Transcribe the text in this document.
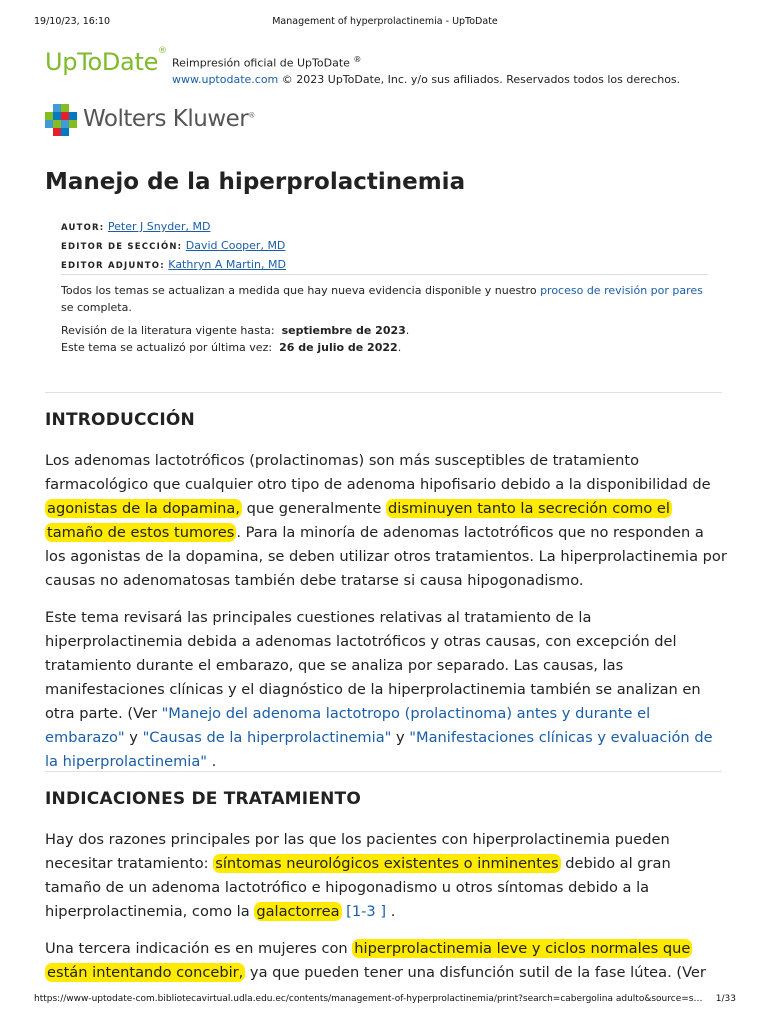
19/10/23, 16:10	Management of hyperprolactinemia - UpToDate
UpToDate®
Reimpresión oficial de UpToDate ®
www.uptodate.com © 2023 UpToDate, Inc. y/o sus afiliados. Reservados todos los derechos.
Wolters Kluwer®
Manejo de la hiperprolactinemia
AUTOR: Peter J Snyder, MD
EDITOR DE SECCIÓN: David Cooper, MD
EDITOR ADJUNTO: Kathryn A Martin, MD
Todos los temas se actualizan a medida que hay nueva evidencia disponible y nuestro proceso de revisión por pares se completa.
Revisión de la literatura vigente hasta: septiembre de 2023.
Este tema se actualizó por última vez: 26 de julio de 2022.
INTRODUCCIÓN
Los adenomas lactotróficos (prolactinomas) son más susceptibles de tratamiento farmacológico que cualquier otro tipo de adenoma hipofisario debido a la disponibilidad de agonistas de la dopamina, que generalmente disminuyen tanto la secreción como el tamaño de estos tumores . Para la minoría de adenomas lactotróficos que no responden a los agonistas de la dopamina, se deben utilizar otros tratamientos. La hiperprolactinemia por causas no adenomatosas también debe tratarse si causa hipogonadismo.
Este tema revisará las principales cuestiones relativas al tratamiento de la hiperprolactinemia debida a adenomas lactotróficos y otras causas, con excepción del tratamiento durante el embarazo, que se analiza por separado. Las causas, las manifestaciones clínicas y el diagnóstico de la hiperprolactinemia también se analizan en otra parte. (Ver "Manejo del adenoma lactotropo (prolactinoma) antes y durante el embarazo" y "Causas de la hiperprolactinemia" y "Manifestaciones clínicas y evaluación de la hiperprolactinemia" .
INDICACIONES DE TRATAMIENTO
Hay dos razones principales por las que los pacientes con hiperprolactinemia pueden necesitar tratamiento: síntomas neurológicos existentes o inminentes debido al gran tamaño de un adenoma lactotrófico e hipogonadismo u otros síntomas debido a la hiperprolactinemia, como la galactorrea [1-3 ] .
Una tercera indicación es en mujeres con hiperprolactinemia leve y ciclos normales que están intentando concebir, ya que pueden tener una disfunción sutil de la fase lútea. (Ver
https://www-uptodate-com.bibliotecavirtual.udla.edu.ec/contents/management-of-hyperprolactinemia/print?search=cabergolina adulto&source=s… 1/33
